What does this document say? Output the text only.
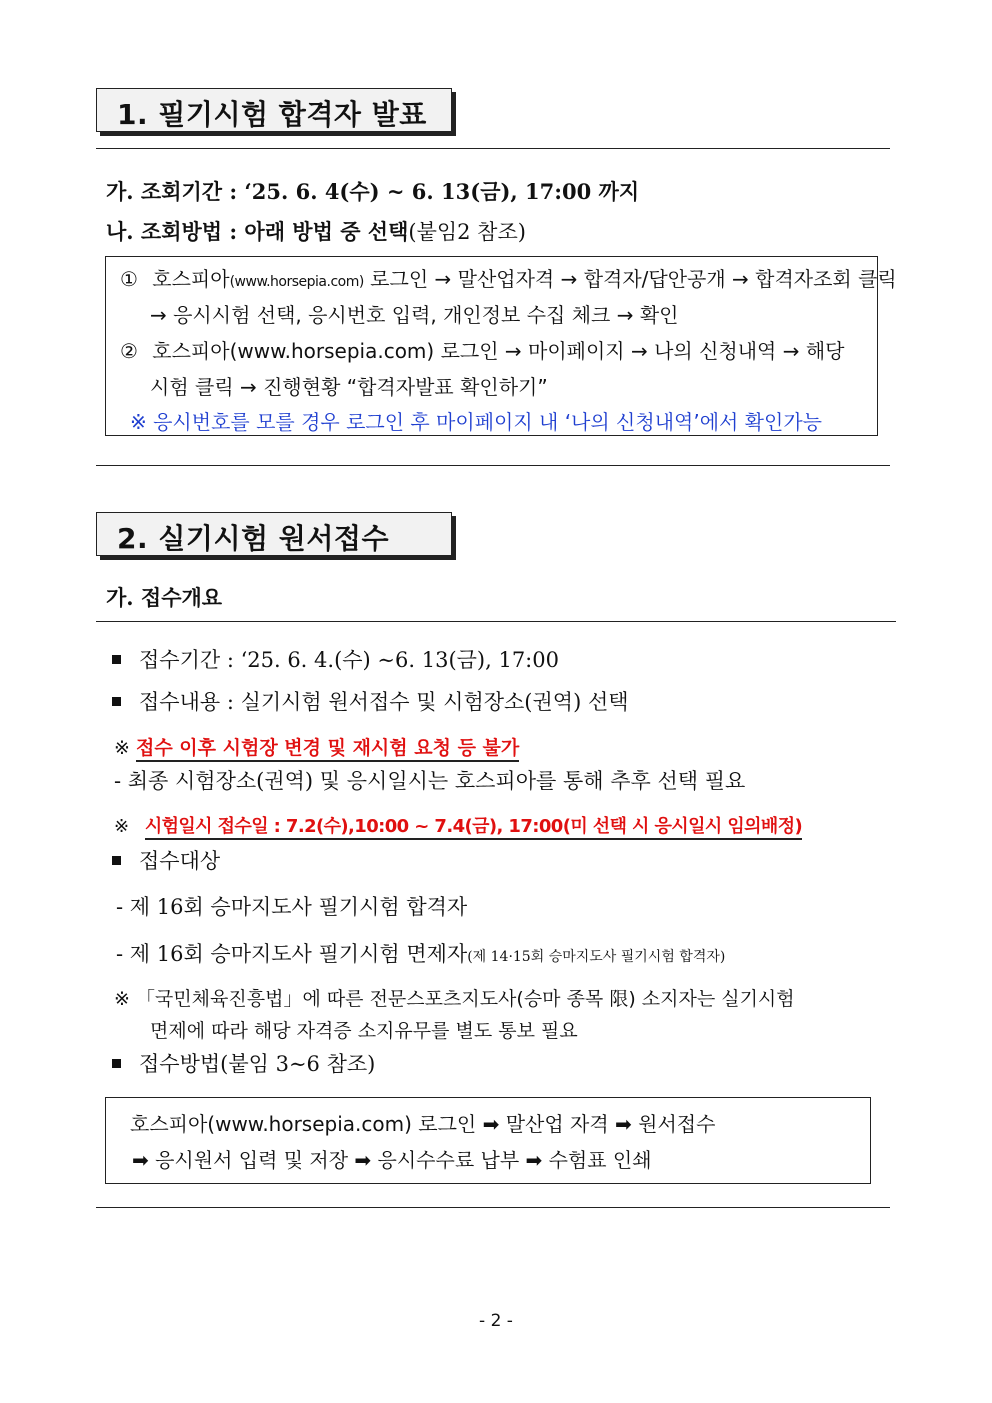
1. 필기시험 합격자 발표
가. 조회기간 : ‘25. 6. 4(수) ~ 6. 13(금), 17:00 까지
나. 조회방법 : 아래 방법 중 선택(붙임2 참조)
① 호스피아(www.horsepia.com) 로그인 → 말산업자격 → 합격자/답안공개 → 합격자조회 클릭
→ 응시시험 선택, 응시번호 입력, 개인정보 수집 체크 → 확인
② 호스피아(www.horsepia.com) 로그인 → 마이페이지 → 나의 신청내역 → 해당
시험 클릭 → 진행현황 “합격자발표 확인하기”
※ 응시번호를 모를 경우 로그인 후 마이페이지 내 ‘나의 신청내역’에서 확인가능
2. 실기시험 원서접수
가. 접수개요
접수기간 : ‘25. 6. 4.(수) ∼6. 13(금), 17:00
접수내용 : 실기시험 원서접수 및 시험장소(권역) 선택
※ 접수 이후 시험장 변경 및 재시험 요청 등 불가
- 최종 시험장소(권역) 및 응시일시는 호스피아를 통해 추후 선택 필요
※ 시험일시 접수일 : 7.2(수),10:00 ~ 7.4(금), 17:00(미 선택 시 응시일시 임의배정)
접수대상
- 제 16회 승마지도사 필기시험 합격자
- 제 16회 승마지도사 필기시험 면제자(제 14·15회 승마지도사 필기시험 합격자)
※ 「국민체육진흥법」에 따른 전문스포츠지도사(승마 종목 限) 소지자는 실기시험
면제에 따라 해당 자격증 소지유무를 별도 통보 필요
접수방법(붙임 3∼6 참조)
호스피아(www.horsepia.com) 로그인 ➡ 말산업 자격 ➡ 원서접수
➡ 응시원서 입력 및 저장 ➡ 응시수수료 납부 ➡ 수험표 인쇄
- 2 -
